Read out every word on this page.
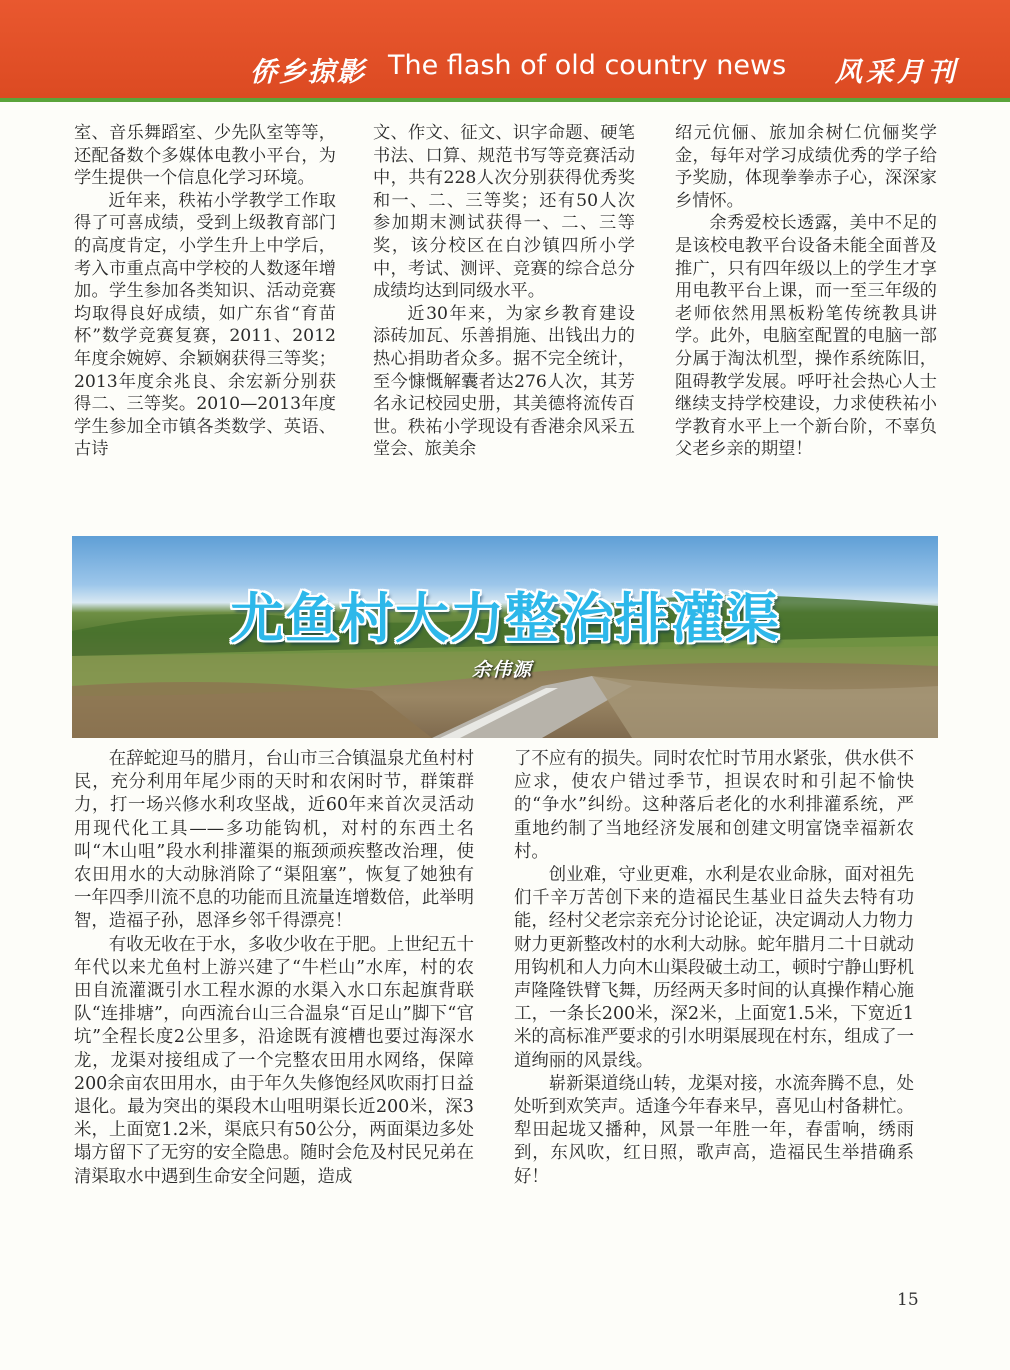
侨乡掠影 The flash of old country news 风采月刊

室、音乐舞蹈室、少先队室等等，还配备数个多媒体电教小平台，为学生提供一个信息化学习环境。

近年来，秩祐小学教学工作取得了可喜成绩，受到上级教育部门的高度肯定，小学生升上中学后，考入市重点高中学校的人数逐年增加。学生参加各类知识、活动竞赛均取得良好成绩，如广东省“育苗杯”数学竞赛复赛，2011、2012年度余婉婷、余颖娴获得三等奖；2013年度余兆良、余宏新分别获得二、三等奖。2010—2013年度学生参加全市镇各类数学、英语、古诗

文、作文、征文、识字命题、硬笔书法、口算、规范书写等竞赛活动中，共有228人次分别获得优秀奖和一、二、三等奖；还有50人次参加期末测试获得一、二、三等奖，该分校区在白沙镇四所小学中，考试、测评、竞赛的综合总分成绩均达到同级水平。

近30年来，为家乡教育建设添砖加瓦、乐善捐施、出钱出力的热心捐助者众多。据不完全统计，至今慷慨解囊者达276人次，其芳名永记校园史册，其美德将流传百世。秩祐小学现设有香港余风采五堂会、旅美余

绍元伉俪、旅加余树仁伉俪奖学金，每年对学习成绩优秀的学子给予奖励，体现拳拳赤子心，深深家乡情怀。

余秀爱校长透露，美中不足的是该校电教平台设备未能全面普及推广，只有四年级以上的学生才享用电教平台上课，而一至三年级的老师依然用黑板粉笔传统教具讲学。此外，电脑室配置的电脑一部分属于淘汰机型，操作系统陈旧，阻碍教学发展。呼吁社会热心人士继续支持学校建设，力求使秩祐小学教育水平上一个新台阶，不辜负父老乡亲的期望！

尤鱼村大力整治排灌渠
余伟源

在辞蛇迎马的腊月，台山市三合镇温泉尤鱼村村民，充分利用年尾少雨的天时和农闲时节，群策群力，打一场兴修水利攻坚战，近60年来首次灵活动用现代化工具——多功能钩机，对村的东西土名叫“木山咀”段水利排灌渠的瓶颈顽疾整改治理，使农田用水的大动脉消除了“渠阻塞”，恢复了她独有一年四季川流不息的功能而且流量连增数倍，此举明智，造福子孙，恩泽乡邻千得漂亮！

有收无收在于水，多收少收在于肥。上世纪五十年代以来尤鱼村上游兴建了“牛栏山”水库，村的农田自流灌溉引水工程水源的水渠入水口东起旗背联队“连排塘”，向西流台山三合温泉“百足山”脚下“官坑”全程长度2公里多，沿途既有渡槽也要过海深水龙，龙渠对接组成了一个完整农田用水网络，保障200余亩农田用水，由于年久失修饱经风吹雨打日益退化。最为突出的渠段木山咀明渠长近200米，深3米，上面宽1.2米，渠底只有50公分，两面渠边多处塌方留下了无穷的安全隐患。随时会危及村民兄弟在清渠取水中遇到生命安全问题，造成

了不应有的损失。同时农忙时节用水紧张，供水供不应求，使农户错过季节，担误农时和引起不愉快的“争水”纠纷。这种落后老化的水利排灌系统，严重地约制了当地经济发展和创建文明富饶幸福新农村。

创业难，守业更难，水利是农业命脉，面对祖先们千辛万苦创下来的造福民生基业日益失去特有功能，经村父老宗亲充分讨论论证，决定调动人力物力财力更新整改村的水利大动脉。蛇年腊月二十日就动用钩机和人力向木山渠段破土动工，顿时宁静山野机声隆隆铁臂飞舞，历经两天多时间的认真操作精心施工，一条长200米，深2米，上面宽1.5米，下宽近1米的高标准严要求的引水明渠展现在村东，组成了一道绚丽的风景线。

崭新渠道绕山转，龙渠对接，水流奔腾不息，处处听到欢笑声。适逢今年春来早，喜见山村备耕忙。犁田起垅又播种，风景一年胜一年，春雷响，绣雨到，东风吹，红日照，歌声高，造福民生举措确系好！

15
